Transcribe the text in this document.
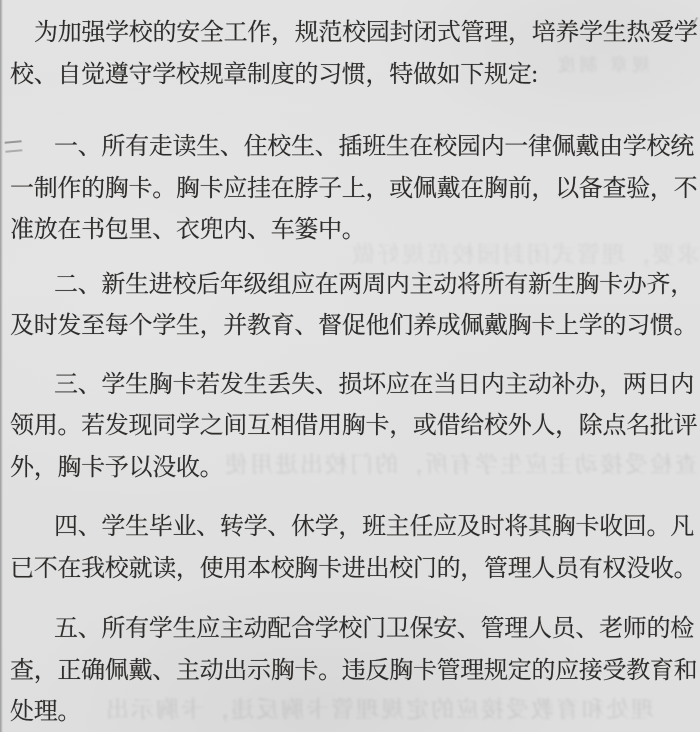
规章 制度
求要，理管式闭封园校范规好做
查检受接动主应生学有所，的门校出进用使
理处和育教受接应的定规理管卡胸反违，卡胸示出

为加强学校的安全工作，规范校园封闭式管理，培养学生热爱学
校、自觉遵守学校规章制度的习惯，特做如下规定:

一、所有走读生、住校生、插班生在校园内一律佩戴由学校统
一制作的胸卡。胸卡应挂在脖子上，或佩戴在胸前，以备查验，不
准放在书包里、衣兜内、车篓中。

二、新生进校后年级组应在两周内主动将所有新生胸卡办齐，
及时发至每个学生，并教育、督促他们养成佩戴胸卡上学的习惯。

三、学生胸卡若发生丢失、损坏应在当日内主动补办，两日内
领用。若发现同学之间互相借用胸卡，或借给校外人，除点名批评
外，胸卡予以没收。

四、学生毕业、转学、休学，班主任应及时将其胸卡收回。凡
已不在我校就读，使用本校胸卡进出校门的，管理人员有权没收。

五、所有学生应主动配合学校门卫保安、管理人员、老师的检
查，正确佩戴、主动出示胸卡。违反胸卡管理规定的应接受教育和
处理。
